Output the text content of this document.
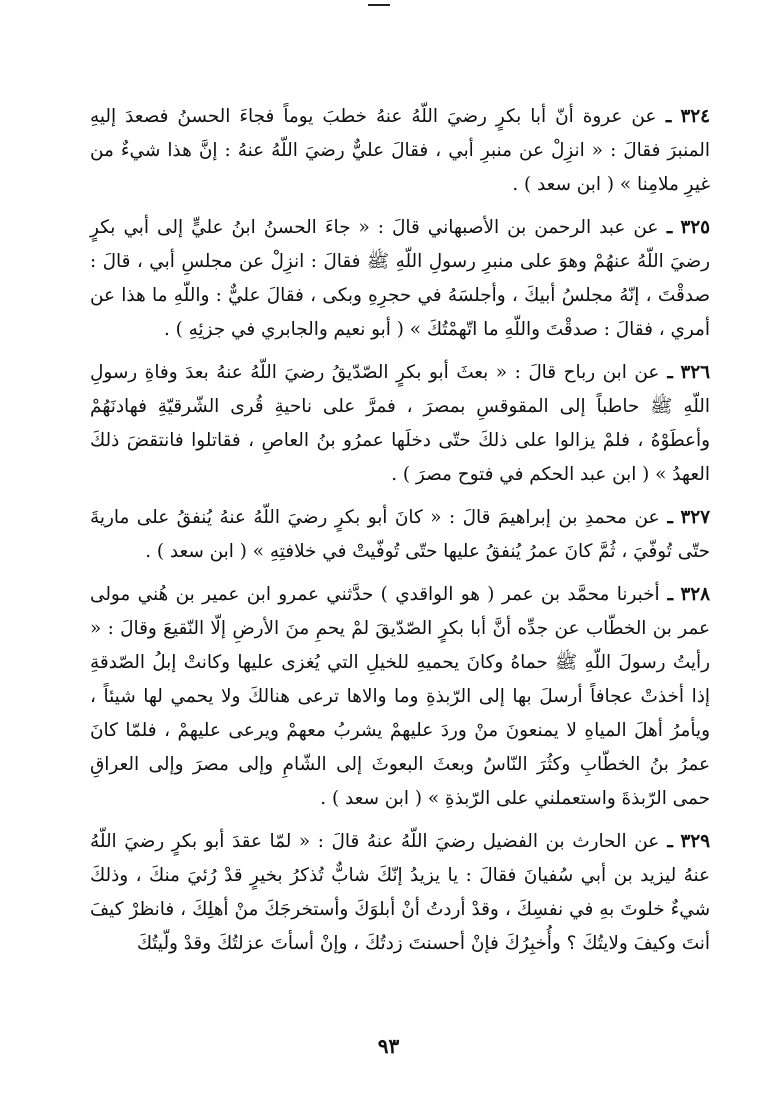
٣٢٤ ـ عن عروة أنّ أبا بكرٍ رضيَ اللّهُ عنهُ خطبَ يوماً فجاءَ الحسنُ فصعدَ إليهِ المنبرَ فقالَ : « انزِلْ عن منبرِ أبي ، فقالَ عليٌّ رضيَ اللّهُ عنهُ : إنَّ هذا شيءٌ من غيرِ ملامِنا » ( ابن سعد ) .

٣٢٥ ـ عن عبد الرحمن بن الأصبهاني قالَ : « جاءَ الحسنُ ابنُ عليٍّ إلى أبي بكرٍ رضيَ اللّهُ عنهُمْ وهوَ على منبرِ رسولِ اللّهِ ﷺ فقالَ : انزِلْ عن مجلسِ أبي ، قالَ : صدقْتَ ، إنّهُ مجلسُ أبيكَ ، وأجلسَهُ في حجرِهِ وبكى ، فقالَ عليٌّ : واللّهِ ما هذا عن أمري ، فقالَ : صدقْتَ واللّهِ ما اتّهمْتُكَ » ( أبو نعيم والجابري في جزئِهِ ) .

٣٢٦ ـ عن ابن رباح قالَ : « بعثَ أبو بكرٍ الصّدّيقُ رضيَ اللّهُ عنهُ بعدَ وفاةِ رسولِ اللّهِ ﷺ حاطباً إلى المقوقسِ بمصرَ ، فمرَّ على ناحيةِ قُرى الشّرقيّةِ فهادنَهُمْ وأعطَوْهُ ، فلمْ يزالوا على ذلكَ حتّى دخلَها عمرُو بنُ العاصِ ، فقاتلوا فانتقضَ ذلكَ العهدُ » ( ابن عبد الحكم في فتوح مصرَ ) .

٣٢٧ ـ عن محمدِ بن إبراهيمَ قالَ : « كانَ أبو بكرٍ رضيَ اللّهُ عنهُ يُنفقُ على ماريةَ حتّى تُوفّيَ ، ثُمَّ كانَ عمرُ يُنفقُ عليها حتّى تُوفّيتْ في خلافتِهِ » ( ابن سعد ) .

٣٢٨ ـ أخبرنا محمَّد بن عمر ( هو الواقدي ) حدَّثني عمرو ابن عمير بن هُني مولى عمر بن الخطّاب عن جدِّه أنَّ أبا بكرٍ الصّدّيقَ لمْ يحمِ منَ الأرضِ إلّا النّقيعَ وقالَ : « رأيتُ رسولَ اللّهِ ﷺ حماهُ وكانَ يحميهِ للخيلِ التي يُغزى عليها وكانتْ إبلُ الصّدقةِ إذا أخذتْ عجافاً أرسلَ بها إلى الرّبذةِ وما والاها ترعى هنالكَ ولا يحمي لها شيئاً ، ويأمرُ أهلَ المياهِ لا يمنعونَ منْ وردَ عليهمْ يشربُ معهمْ ويرعى عليهمْ ، فلمّا كانَ عمرُ بنُ الخطّابِ وكثُرَ النّاسُ وبعثَ البعوثَ إلى الشّامِ وإلى مصرَ وإلى العراقِ حمى الرّبذةَ واستعملني على الرّبذةِ » ( ابن سعد ) .

٣٢٩ ـ عن الحارث بن الفضيل رضيَ اللّهُ عنهُ قالَ : « لمّا عقدَ أبو بكرٍ رضيَ اللّهُ عنهُ ليزيد بن أبي سُفيانَ فقالَ : يا يزيدُ إنّكَ شابٌّ تُذكرُ بخيرٍ قدْ رُئيَ منكَ ، وذلكَ شيءٌ خلوتَ بهِ في نفسِكَ ، وقدْ أردتُ أنْ أبلوَكَ وأستخرجَكَ منْ أهلِكَ ، فانظرْ كيفَ أنتَ وكيفَ ولايتُكَ ؟ وأُخبِرُكَ فإنْ أحسنتَ زدتُكَ ، وإنْ أسأتَ عزلتُكَ وقدْ ولّيتُكَ

٩٣
